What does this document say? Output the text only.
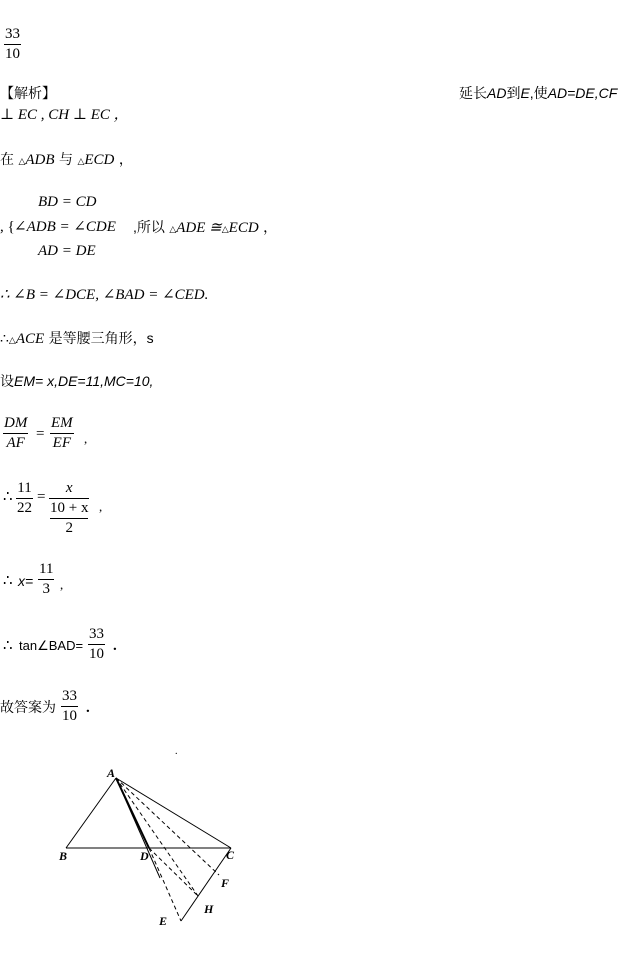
33
10
【解析】	延长AD到E,使AD=DE,CF
⊥ EC , CH ⊥ EC ，
在 △ADB 与 △ECD ，
BD = CD
, { ∠ADB = ∠CDE ,所以 △ADE ≅△ECD ，
AD = DE
∴ ∠B = ∠DCE, ∠BAD = ∠CED.
∴△ACE 是等腰三角形，s
设EM= x,DE=11,MC=10,
DM
AF
=
EM
EF ,
∴
11
22
=
x
10 + x
2
,
∴ x=
11
3 ,
∴ tan∠BAD=
33
10 .
故答案为
33
10 .
A
B	C
D
E
F
H
.
